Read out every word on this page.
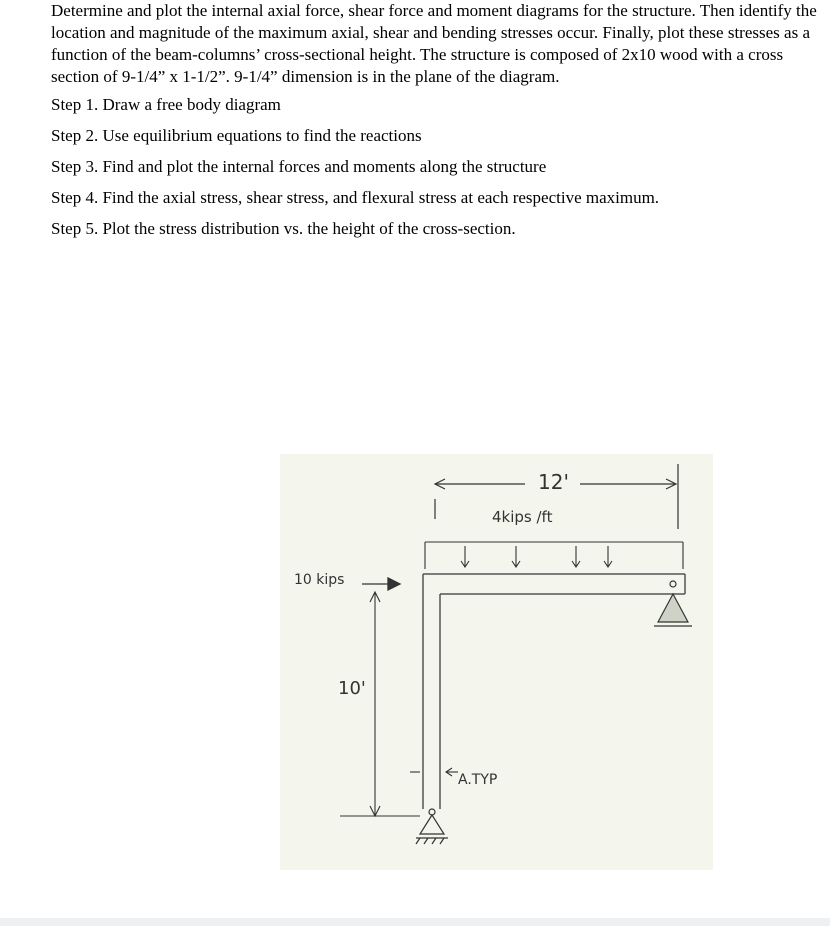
Determine and plot the internal axial force, shear force and moment diagrams for the structure. Then identify the location and magnitude of the maximum axial, shear and bending stresses occur. Finally, plot these stresses as a function of the beam-columns’ cross-sectional height. The structure is composed of 2x10 wood with a cross section of 9-1/4” x 1-1/2”. 9-1/4” dimension is in the plane of the diagram.

Step 1. Draw a free body diagram

Step 2. Use equilibrium equations to find the reactions

Step 3. Find and plot the internal forces and moments along the structure

Step 4. Find the axial stress, shear stress, and flexural stress at each respective maximum.

Step 5. Plot the stress distribution vs. the height of the cross-section.

12'
4kips /ft
10 kips
10'
A.TYP
